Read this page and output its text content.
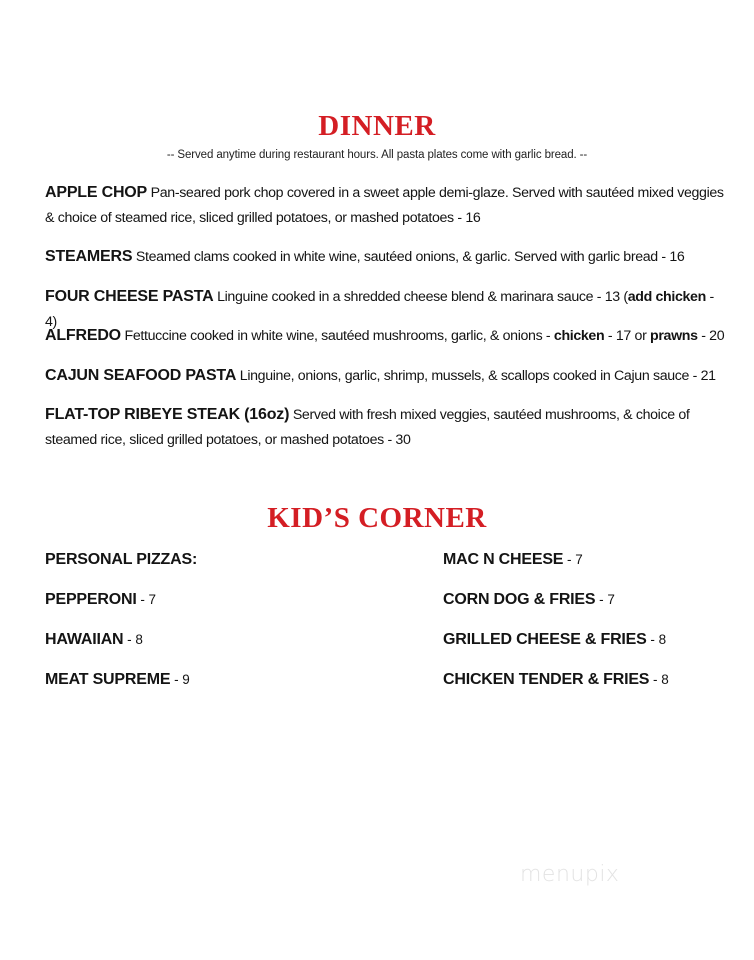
DINNER
-- Served anytime during restaurant hours. All pasta plates come with garlic bread. --
APPLE CHOP Pan-seared pork chop covered in a sweet apple demi-glaze. Served with sautéed mixed veggies & choice of steamed rice, sliced grilled potatoes, or mashed potatoes - 16
STEAMERS Steamed clams cooked in white wine, sautéed onions, & garlic. Served with garlic bread - 16
FOUR CHEESE PASTA Linguine cooked in a shredded cheese blend & marinara sauce - 13 (add chicken - 4)
ALFREDO Fettuccine cooked in white wine, sautéed mushrooms, garlic, & onions - chicken - 17 or prawns - 20
CAJUN SEAFOOD PASTA Linguine, onions, garlic, shrimp, mussels, & scallops cooked in Cajun sauce - 21
FLAT-TOP RIBEYE STEAK (16oz) Served with fresh mixed veggies, sautéed mushrooms, & choice of steamed rice, sliced grilled potatoes, or mashed potatoes - 30
KID’S CORNER
PERSONAL PIZZAS:
PEPPERONI - 7
HAWAIIAN - 8
MEAT SUPREME - 9
MAC N CHEESE - 7
CORN DOG & FRIES - 7
GRILLED CHEESE & FRIES - 8
CHICKEN TENDER & FRIES - 8
menupix
